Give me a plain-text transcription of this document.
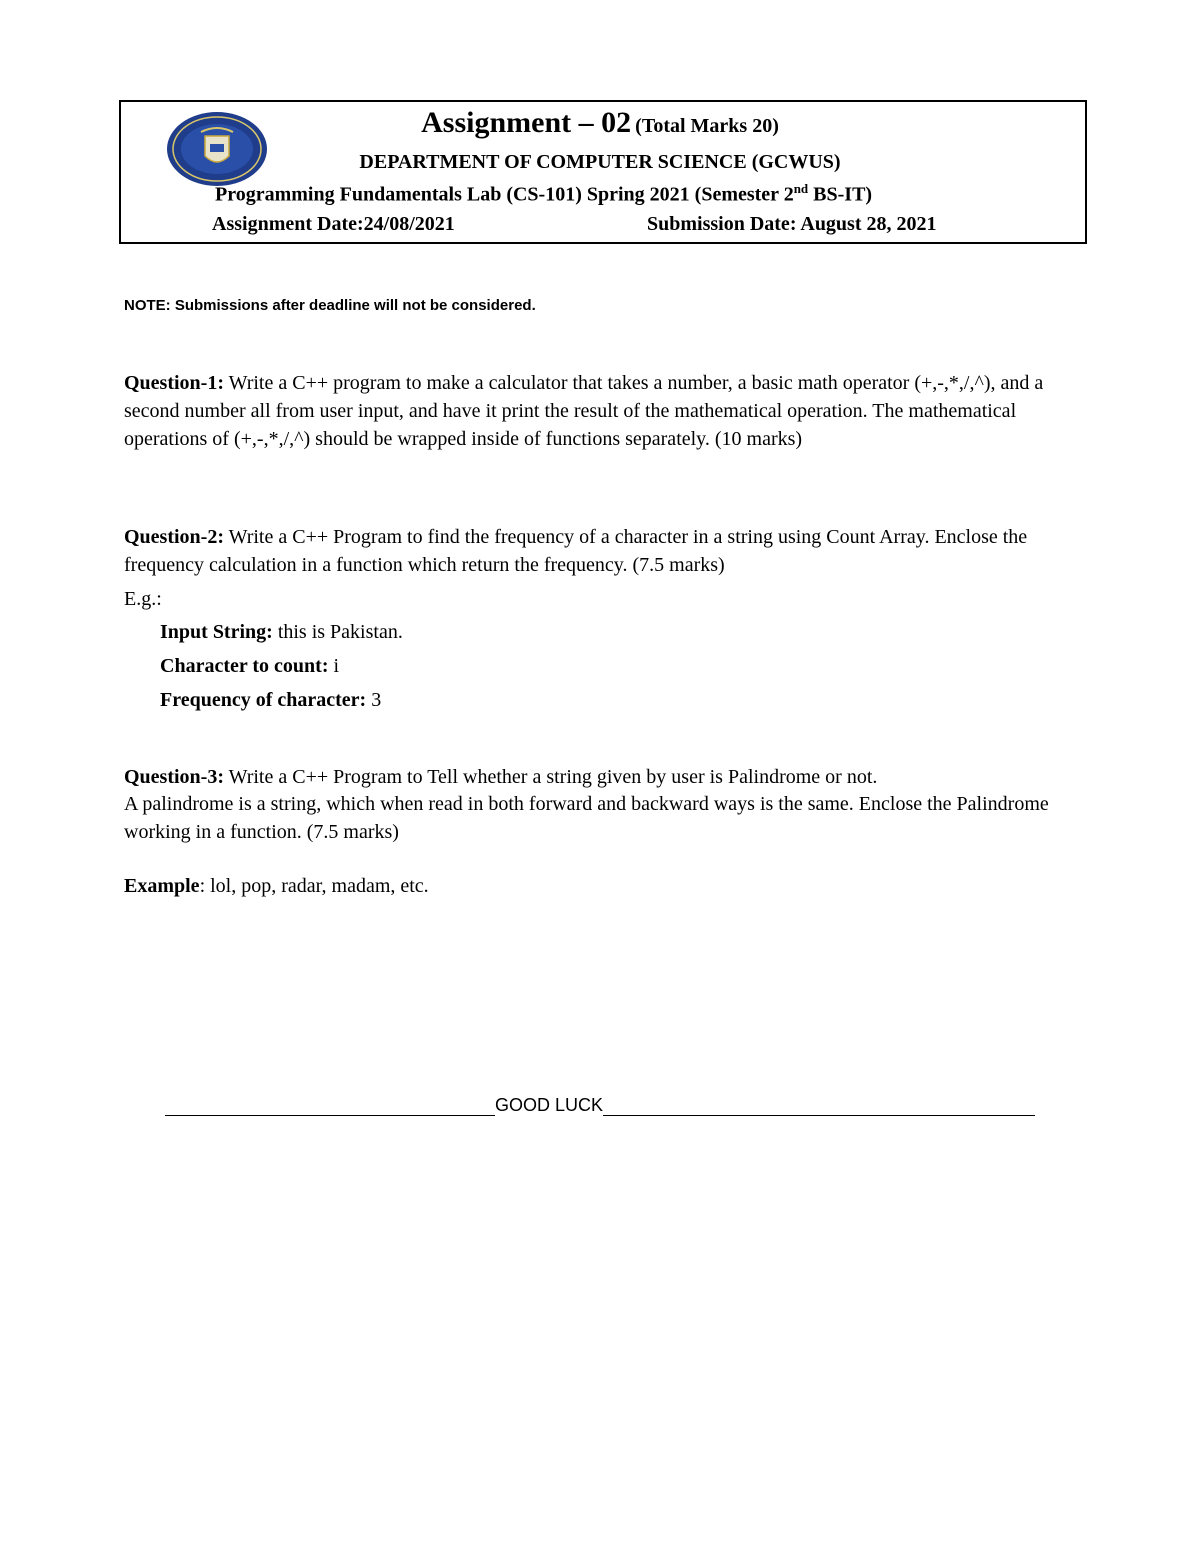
Assignment – 02 (Total Marks 20)
DEPARTMENT OF COMPUTER SCIENCE (GCWUS)
Programming Fundamentals Lab (CS-101) Spring 2021 (Semester 2nd BS-IT)
Assignment Date:24/08/2021	Submission Date: August 28, 2021
NOTE: Submissions after deadline will not be considered.
Question-1: Write a C++ program to make a calculator that takes a number, a basic math operator (+,-,*,/,^), and a second number all from user input, and have it print the result of the mathematical operation. The mathematical operations of (+,-,*,/,^) should be wrapped inside of functions separately. (10 marks)
Question-2: Write a C++ Program to find the frequency of a character in a string using Count Array. Enclose the frequency calculation in a function which return the frequency. (7.5 marks)
E.g.:
Input String: this is Pakistan.
Character to count: i
Frequency of character: 3
Question-3: Write a C++ Program to Tell whether a string given by user is Palindrome or not.
A palindrome is a string, which when read in both forward and backward ways is the same. Enclose the Palindrome working in a function. (7.5 marks)
Example: lol, pop, radar, madam, etc.
GOOD LUCK
